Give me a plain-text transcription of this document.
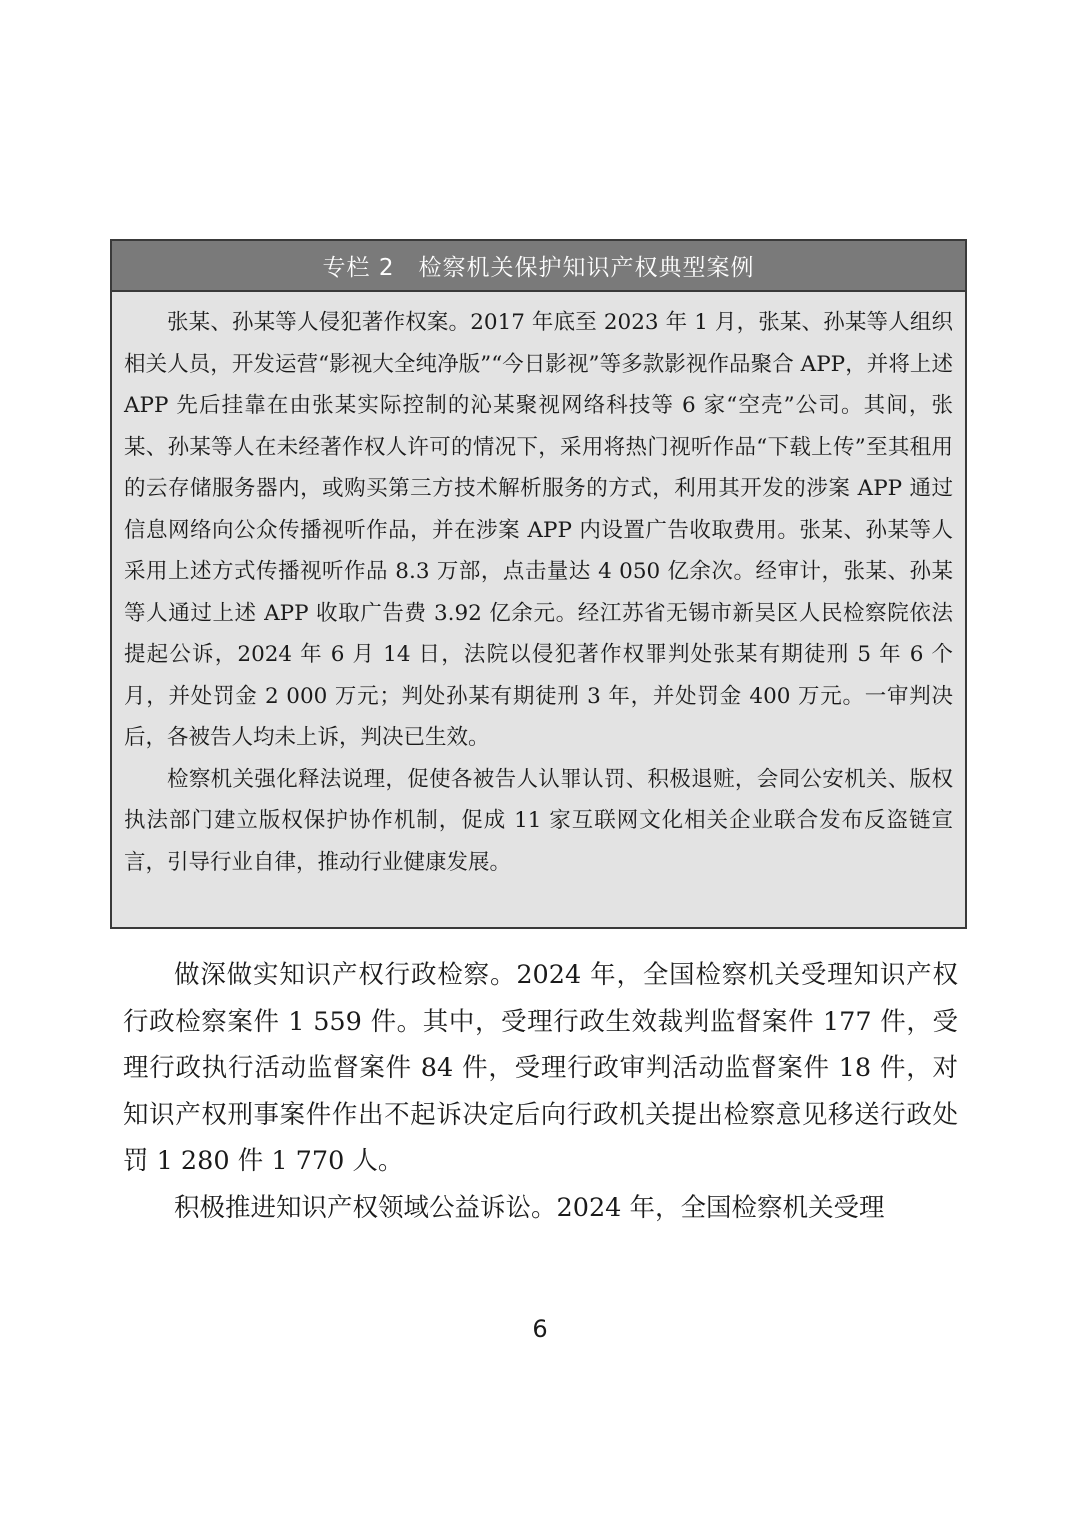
专栏 2　检察机关保护知识产权典型案例

张某、孙某等人侵犯著作权案。2017 年底至 2023 年 1 月，张某、孙某等人组织相关人员，开发运营“影视大全纯净版”“今日影视”等多款影视作品聚合 APP，并将上述 APP 先后挂靠在由张某实际控制的沁某聚视网络科技等 6 家“空壳”公司。其间，张某、孙某等人在未经著作权人许可的情况下，采用将热门视听作品“下载上传”至其租用的云存储服务器内，或购买第三方技术解析服务的方式，利用其开发的涉案 APP 通过信息网络向公众传播视听作品，并在涉案 APP 内设置广告收取费用。张某、孙某等人采用上述方式传播视听作品 8.3 万部，点击量达 4 050 亿余次。经审计，张某、孙某等人通过上述 APP 收取广告费 3.92 亿余元。经江苏省无锡市新吴区人民检察院依法提起公诉，2024 年 6 月 14 日，法院以侵犯著作权罪判处张某有期徒刑 5 年 6 个月，并处罚金 2 000 万元；判处孙某有期徒刑 3 年，并处罚金 400 万元。一审判决后，各被告人均未上诉，判决已生效。

检察机关强化释法说理，促使各被告人认罪认罚、积极退赃，会同公安机关、版权执法部门建立版权保护协作机制，促成 11 家互联网文化相关企业联合发布反盗链宣言，引导行业自律，推动行业健康发展。

做深做实知识产权行政检察。2024 年，全国检察机关受理知识产权行政检察案件 1 559 件。其中，受理行政生效裁判监督案件 177 件，受理行政执行活动监督案件 84 件，受理行政审判活动监督案件 18 件，对知识产权刑事案件作出不起诉决定后向行政机关提出检察意见移送行政处罚 1 280 件 1 770 人。

积极推进知识产权领域公益诉讼。2024 年，全国检察机关受理

6
